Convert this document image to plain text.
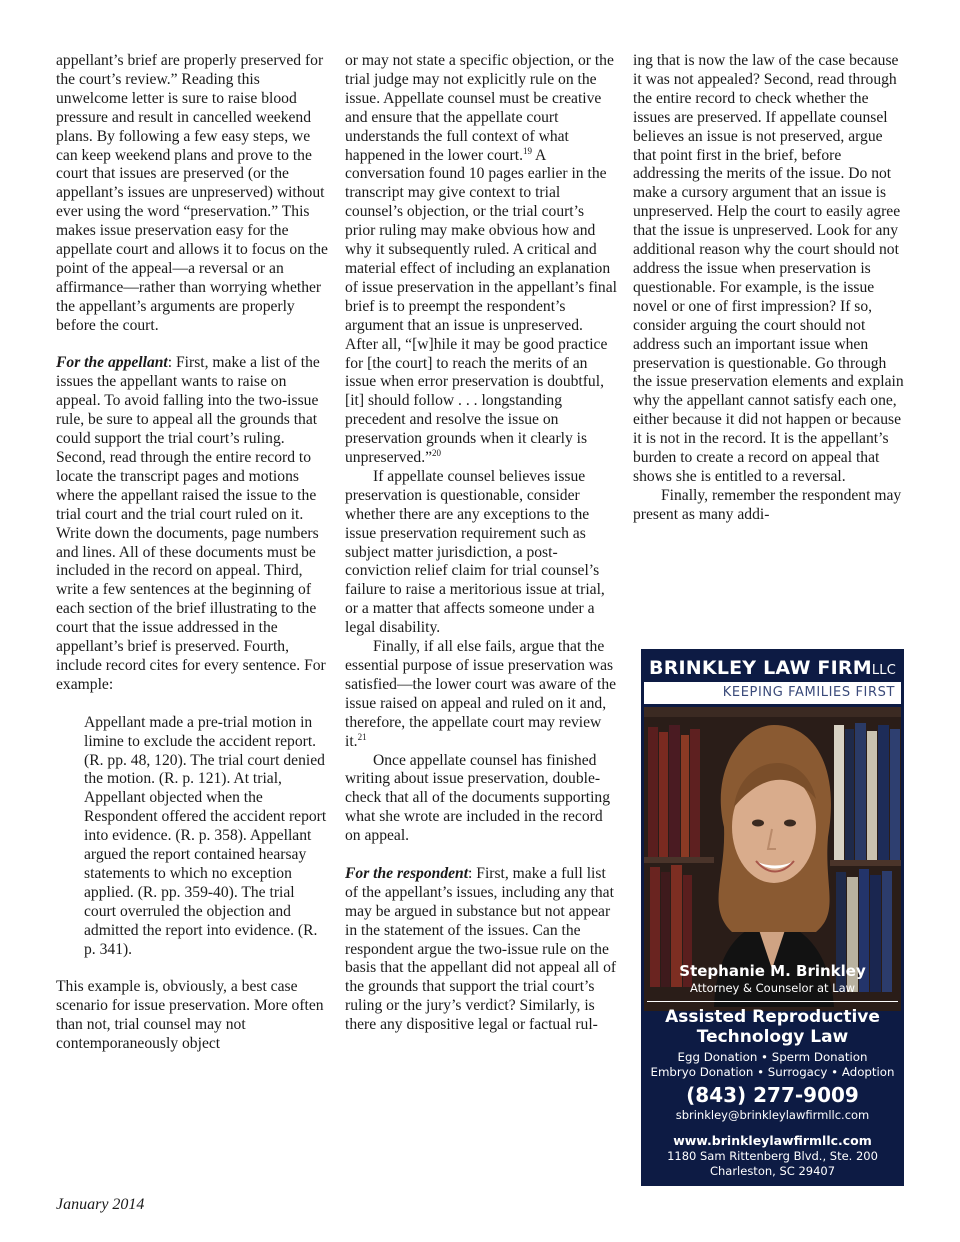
appellant’s brief are properly preserved for the court’s review.” Reading this unwelcome letter is sure to raise blood pressure and result in cancelled weekend plans. By following a few easy steps, we can keep weekend plans and prove to the court that issues are preserved (or the appellant’s issues are unpreserved) without ever using the word “preservation.” This makes issue preservation easy for the appellate court and allows it to focus on the point of the appeal—a reversal or an affirmance—rather than worrying whether the appellant’s arguments are properly before the court.

For the appellant: First, make a list of the issues the appellant wants to raise on appeal. To avoid falling into the two-issue rule, be sure to appeal all the grounds that could support the trial court’s ruling. Second, read through the entire record to locate the transcript pages and motions where the appellant raised the issue to the trial court and the trial court ruled on it. Write down the documents, page numbers and lines. All of these documents must be included in the record on appeal. Third, write a few sentences at the beginning of each section of the brief illustrating to the court that the issue addressed in the appellant’s brief is preserved. Fourth, include record cites for every sentence. For example:

Appellant made a pre-trial motion in limine to exclude the accident report. (R. pp. 48, 120). The trial court denied the motion. (R. p. 121). At trial, Appellant objected when the Respondent offered the accident report into evidence. (R. p. 358). Appellant argued the report contained hearsay statements to which no exception applied. (R. pp. 359-40). The trial court overruled the objection and admitted the report into evidence. (R. p. 341).

This example is, obviously, a best case scenario for issue preservation. More often than not, trial counsel may not contemporaneously object

or may not state a specific objection, or the trial judge may not explicitly rule on the issue. Appellate counsel must be creative and ensure that the appellate court understands the full context of what happened in the lower court.$^{19}$ A conversation found 10 pages earlier in the transcript may give context to trial counsel’s objection, or the trial court’s prior ruling may make obvious how and why it subsequently ruled. A critical and material effect of including an explanation of issue preservation in the appellant’s final brief is to preempt the respondent’s argument that an issue is unpreserved. After all, “[w]hile it may be good practice for [the court] to reach the merits of an issue when error preservation is doubtful, [it] should follow . . . longstanding precedent and resolve the issue on preservation grounds when it clearly is unpreserved.”$^{20}$

If appellate counsel believes issue preservation is questionable, consider whether there are any exceptions to the issue preservation requirement such as subject matter jurisdiction, a post-conviction relief claim for trial counsel’s failure to raise a meritorious issue at trial, or a matter that affects someone under a legal disability.

Finally, if all else fails, argue that the essential purpose of issue preservation was satisfied—the lower court was aware of the issue raised on appeal and ruled on it and, therefore, the appellate court may review it.$^{21}$

Once appellate counsel has finished writing about issue preservation, double-check that all of the documents supporting what she wrote are included in the record on appeal.

For the respondent: First, make a full list of the appellant’s issues, including any that may be argued in substance but not appear in the statement of the issues. Can the respondent argue the two-issue rule on the basis that the appellant did not appeal all of the grounds that support the trial court’s ruling or the jury’s verdict? Similarly, is there any dispositive legal or factual rul-

ing that is now the law of the case because it was not appealed? Second, read through the entire record to check whether the issues are preserved. If appellate counsel believes an issue is not preserved, argue that point first in the brief, before addressing the merits of the issue. Do not make a cursory argument that an issue is unpreserved. Help the court to easily agree that the issue is unpreserved. Look for any additional reason why the court should not address the issue when preservation is questionable. For example, is the issue novel or one of first impression? If so, consider arguing the court should not address such an important issue when preservation is questionable. Go through the issue preservation elements and explain why the appellant cannot satisfy each one, either because it did not happen or because it is not in the record. It is the appellant’s burden to create a record on appeal that shows she is entitled to a reversal.

Finally, remember the respondent may present as many addi-

BRINKLEY LAW FIRMLLC
KEEPING FAMILIES FIRST
Stephanie M. Brinkley
Attorney & Counselor at Law
Assisted Reproductive Technology Law
Egg Donation • Sperm Donation
Embryo Donation • Surrogacy • Adoption
(843) 277-9009
sbrinkley@brinkleylawfirmllc.com
www.brinkleylawfirmllc.com
1180 Sam Rittenberg Blvd., Ste. 200
Charleston, SC 29407
January 2014
